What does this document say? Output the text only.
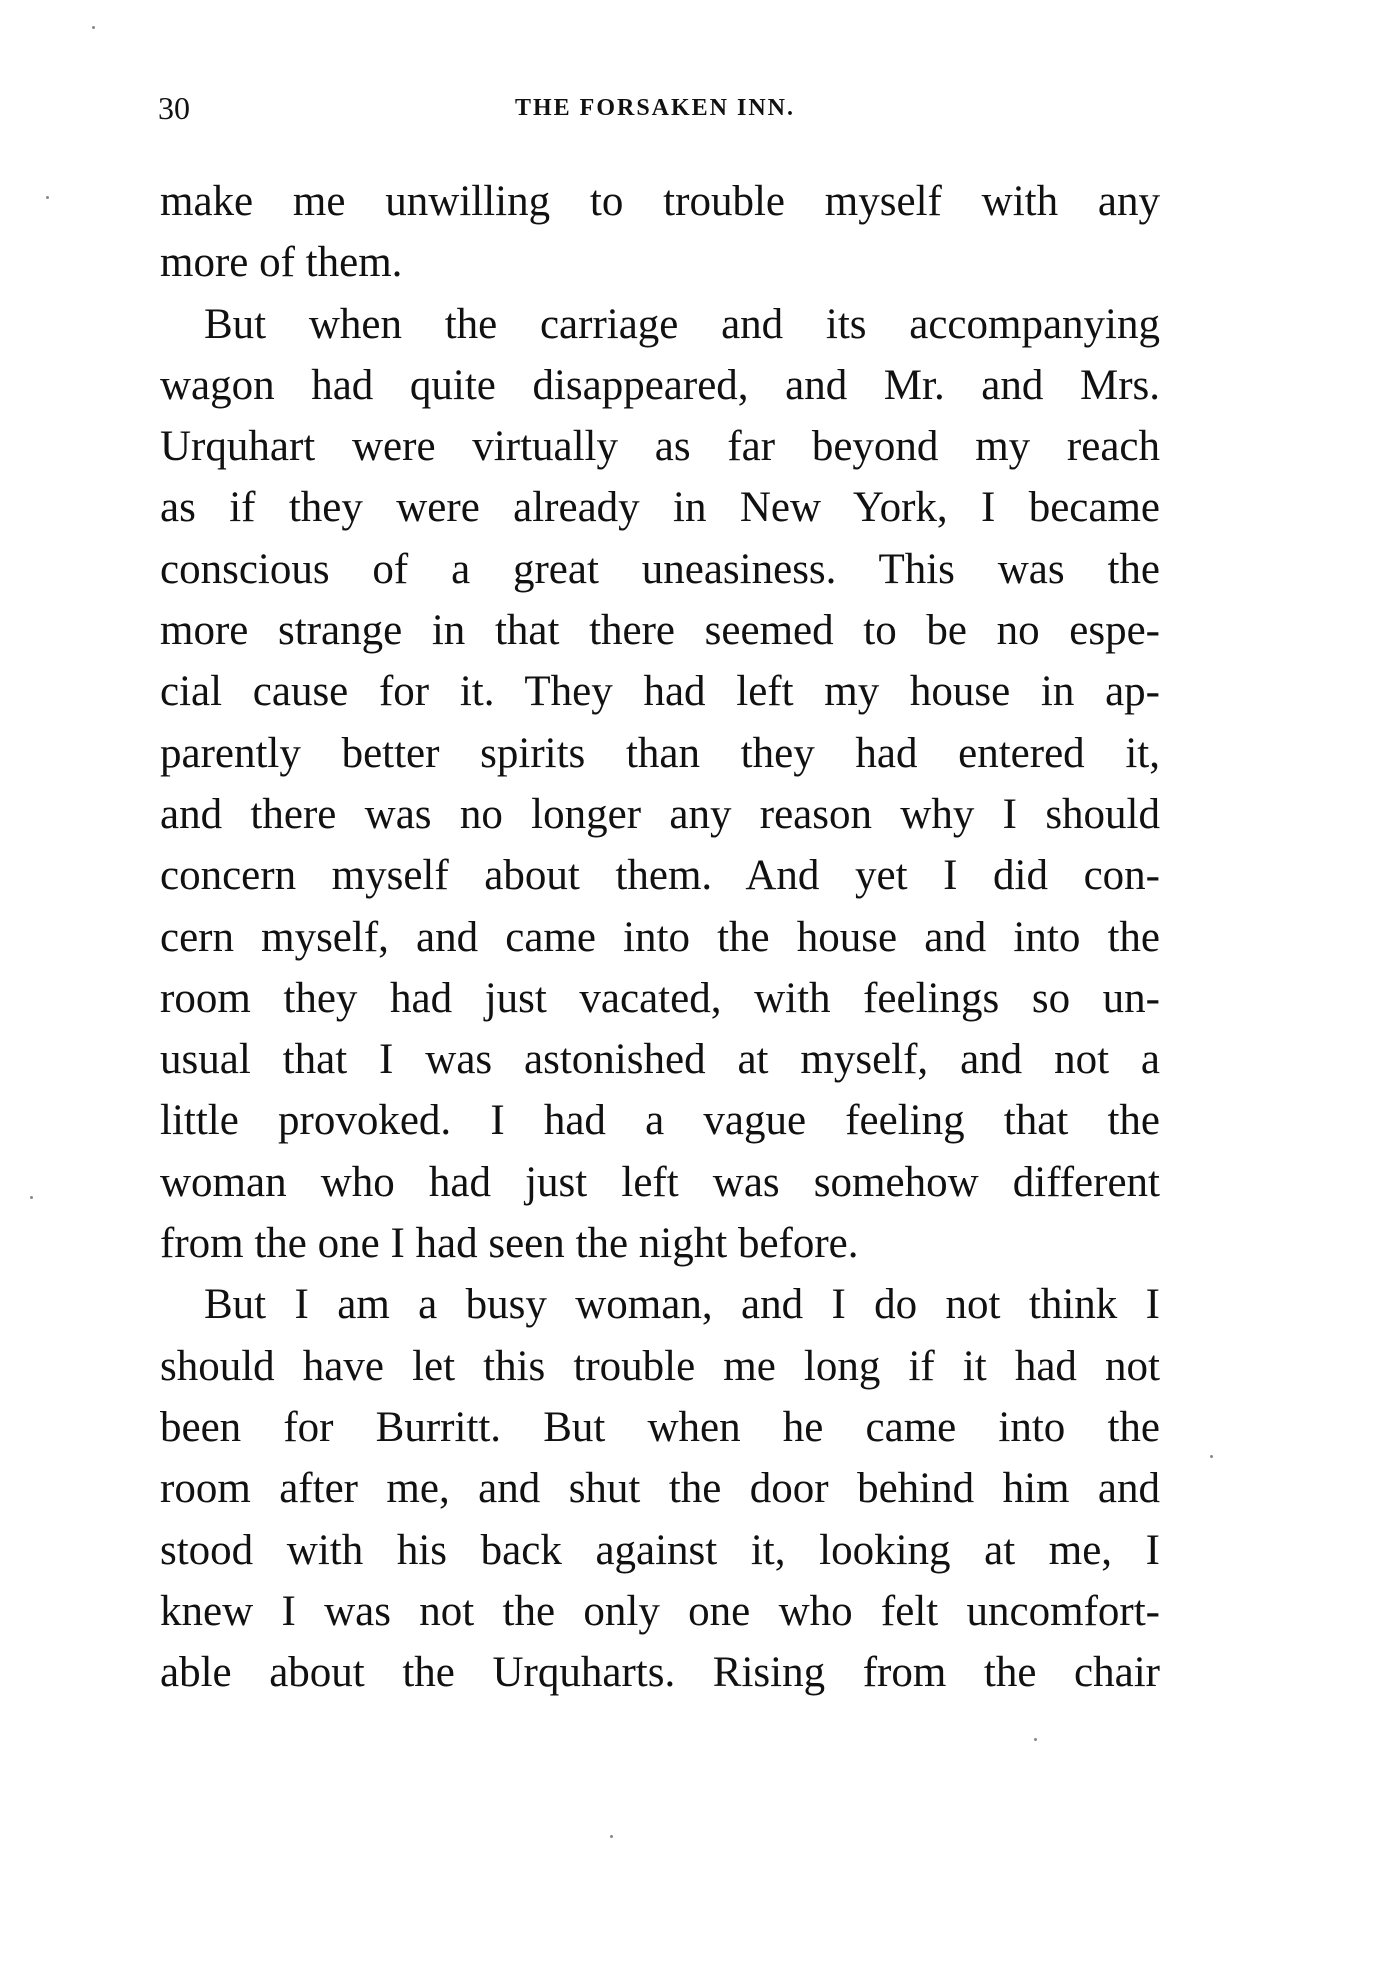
30	THE FORSAKEN INN.
make me unwilling to trouble myself with any
more of them.
But when the carriage and its accompanying
wagon had quite disappeared, and Mr. and Mrs.
Urquhart were virtually as far beyond my reach
as if they were already in New York, I became
conscious of a great uneasiness. This was the
more strange in that there seemed to be no espe-
cial cause for it. They had left my house in ap-
parently better spirits than they had entered it,
and there was no longer any reason why I should
concern myself about them. And yet I did con-
cern myself, and came into the house and into the
room they had just vacated, with feelings so un-
usual that I was astonished at myself, and not a
little provoked. I had a vague feeling that the
woman who had just left was somehow different
from the one I had seen the night before.
But I am a busy woman, and I do not think I
should have let this trouble me long if it had not
been for Burritt. But when he came into the
room after me, and shut the door behind him and
stood with his back against it, looking at me, I
knew I was not the only one who felt uncomfort-
able about the Urquharts. Rising from the chair
